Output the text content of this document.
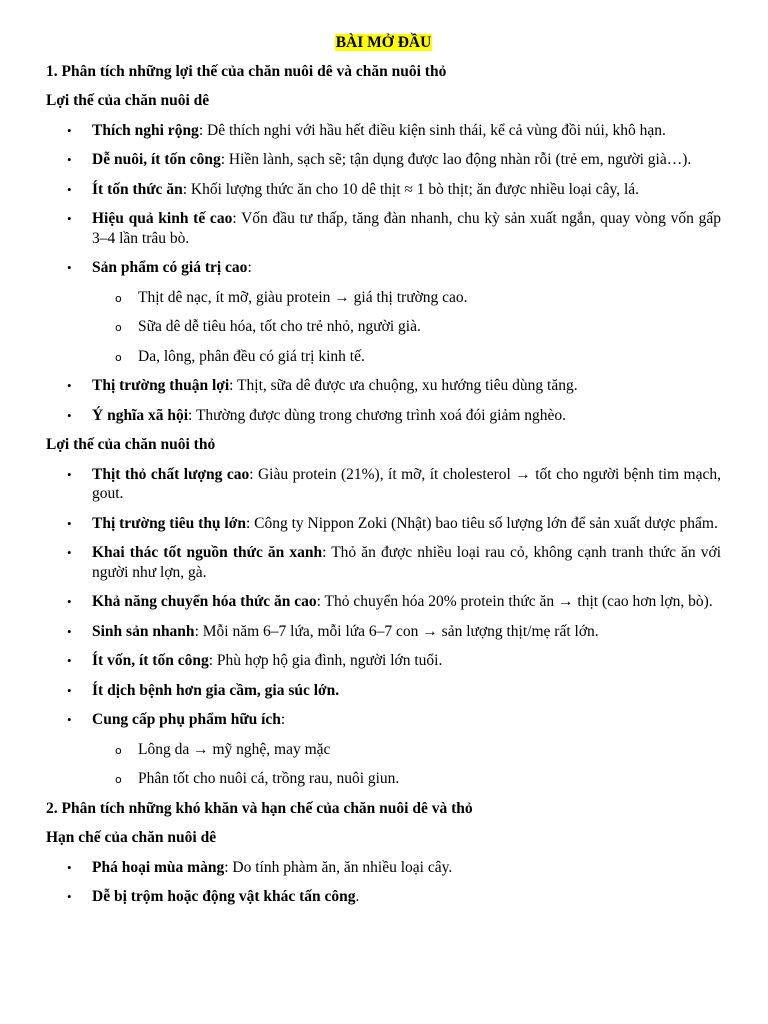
BÀI MỞ ĐẦU
1. Phân tích những lợi thế của chăn nuôi dê và chăn nuôi thỏ
Lợi thế của chăn nuôi dê
• Thích nghi rộng: Dê thích nghi với hầu hết điều kiện sinh thái, kể cả vùng đồi núi, khô hạn.
• Dễ nuôi, ít tốn công: Hiền lành, sạch sẽ; tận dụng được lao động nhàn rỗi (trẻ em, người già…).
• Ít tốn thức ăn: Khối lượng thức ăn cho 10 dê thịt ≈ 1 bò thịt; ăn được nhiều loại cây, lá.
• Hiệu quả kinh tế cao: Vốn đầu tư thấp, tăng đàn nhanh, chu kỳ sản xuất ngắn, quay vòng vốn gấp 3–4 lần trâu bò.
• Sản phẩm có giá trị cao:
o Thịt dê nạc, ít mỡ, giàu protein → giá thị trường cao.
o Sữa dê dễ tiêu hóa, tốt cho trẻ nhỏ, người già.
o Da, lông, phân đều có giá trị kinh tế.
• Thị trường thuận lợi: Thịt, sữa dê được ưa chuộng, xu hướng tiêu dùng tăng.
• Ý nghĩa xã hội: Thường được dùng trong chương trình xoá đói giảm nghèo.
Lợi thế của chăn nuôi thỏ
• Thịt thỏ chất lượng cao: Giàu protein (21%), ít mỡ, ít cholesterol → tốt cho người bệnh tim mạch, gout.
• Thị trường tiêu thụ lớn: Công ty Nippon Zoki (Nhật) bao tiêu số lượng lớn để sản xuất dược phẩm.
• Khai thác tốt nguồn thức ăn xanh: Thỏ ăn được nhiều loại rau cỏ, không cạnh tranh thức ăn với người như lợn, gà.
• Khả năng chuyển hóa thức ăn cao: Thỏ chuyển hóa 20% protein thức ăn → thịt (cao hơn lợn, bò).
• Sinh sản nhanh: Mỗi năm 6–7 lứa, mỗi lứa 6–7 con → sản lượng thịt/mẹ rất lớn.
• Ít vốn, ít tốn công: Phù hợp hộ gia đình, người lớn tuổi.
• Ít dịch bệnh hơn gia cầm, gia súc lớn.
• Cung cấp phụ phẩm hữu ích:
o Lông da → mỹ nghệ, may mặc
o Phân tốt cho nuôi cá, trồng rau, nuôi giun.
2. Phân tích những khó khăn và hạn chế của chăn nuôi dê và thỏ
Hạn chế của chăn nuôi dê
• Phá hoại mùa màng: Do tính phàm ăn, ăn nhiều loại cây.
• Dễ bị trộm hoặc động vật khác tấn công.
